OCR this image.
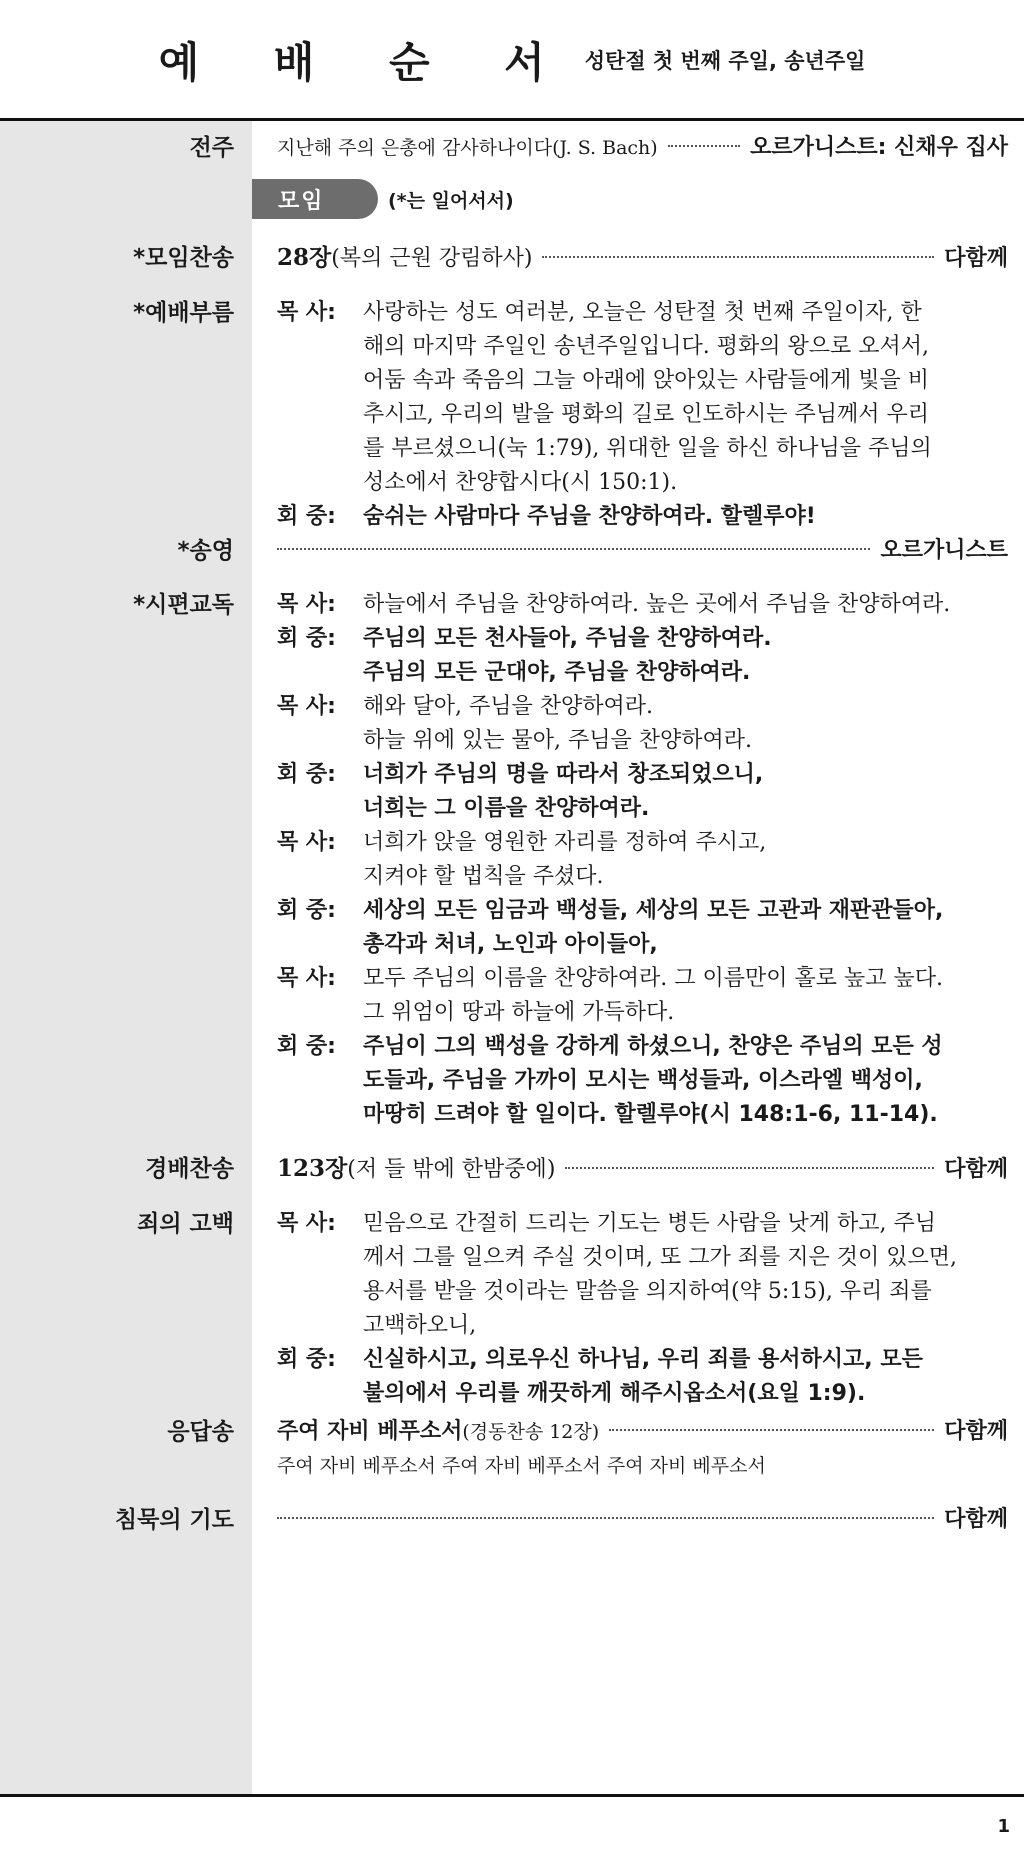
예 배 순 서 성탄절 첫 번째 주일, 송년주일
전주	지난해 주의 은총에 감사하나이다(J. S. Bach)	오르가니스트: 신채우 집사
모임	(*는 일어서서)
*모임찬송	28장 (복의 근원 강림하사)	다함께
*예배부름	목 사:	사랑하는 성도 여러분, 오늘은 성탄절 첫 번째 주일이자, 한
해의 마지막 주일인 송년주일입니다. 평화의 왕으로 오셔서,
어둠 속과 죽음의 그늘 아래에 앉아있는 사람들에게 빛을 비
추시고, 우리의 발을 평화의 길로 인도하시는 주님께서 우리
를 부르셨으니(눅 1:79), 위대한 일을 하신 하나님을 주님의
성소에서 찬양합시다(시 150:1).
회 중:	숨쉬는 사람마다 주님을 찬양하여라. 할렐루야!
*송영	오르가니스트
*시편교독	목 사:	하늘에서 주님을 찬양하여라. 높은 곳에서 주님을 찬양하여라.
회 중:	주님의 모든 천사들아, 주님을 찬양하여라.
주님의 모든 군대야, 주님을 찬양하여라.
목 사:	해와 달아, 주님을 찬양하여라.
하늘 위에 있는 물아, 주님을 찬양하여라.
회 중:	너희가 주님의 명을 따라서 창조되었으니,
너희는 그 이름을 찬양하여라.
목 사:	너희가 앉을 영원한 자리를 정하여 주시고,
지켜야 할 법칙을 주셨다.
회 중:	세상의 모든 임금과 백성들, 세상의 모든 고관과 재판관들아,
총각과 처녀, 노인과 아이들아,
목 사:	모두 주님의 이름을 찬양하여라. 그 이름만이 홀로 높고 높다.
그 위엄이 땅과 하늘에 가득하다.
회 중:	주님이 그의 백성을 강하게 하셨으니, 찬양은 주님의 모든 성
도들과, 주님을 가까이 모시는 백성들과, 이스라엘 백성이,
마땅히 드려야 할 일이다. 할렐루야(시 148:1-6, 11-14).
경배찬송	123장 (저 들 밖에 한밤중에)	다함께
죄의 고백	목 사:	믿음으로 간절히 드리는 기도는 병든 사람을 낫게 하고, 주님
께서 그를 일으켜 주실 것이며, 또 그가 죄를 지은 것이 있으면,
용서를 받을 것이라는 말씀을 의지하여(약 5:15), 우리 죄를
고백하오니,
회 중:	신실하시고, 의로우신 하나님, 우리 죄를 용서하시고, 모든
불의에서 우리를 깨끗하게 해주시옵소서(요일 1:9).
응답송	주여 자비 베푸소서 (경동찬송 12장)	다함께
주여 자비 베푸소서 주여 자비 베푸소서 주여 자비 베푸소서
침묵의 기도	다함께
1
